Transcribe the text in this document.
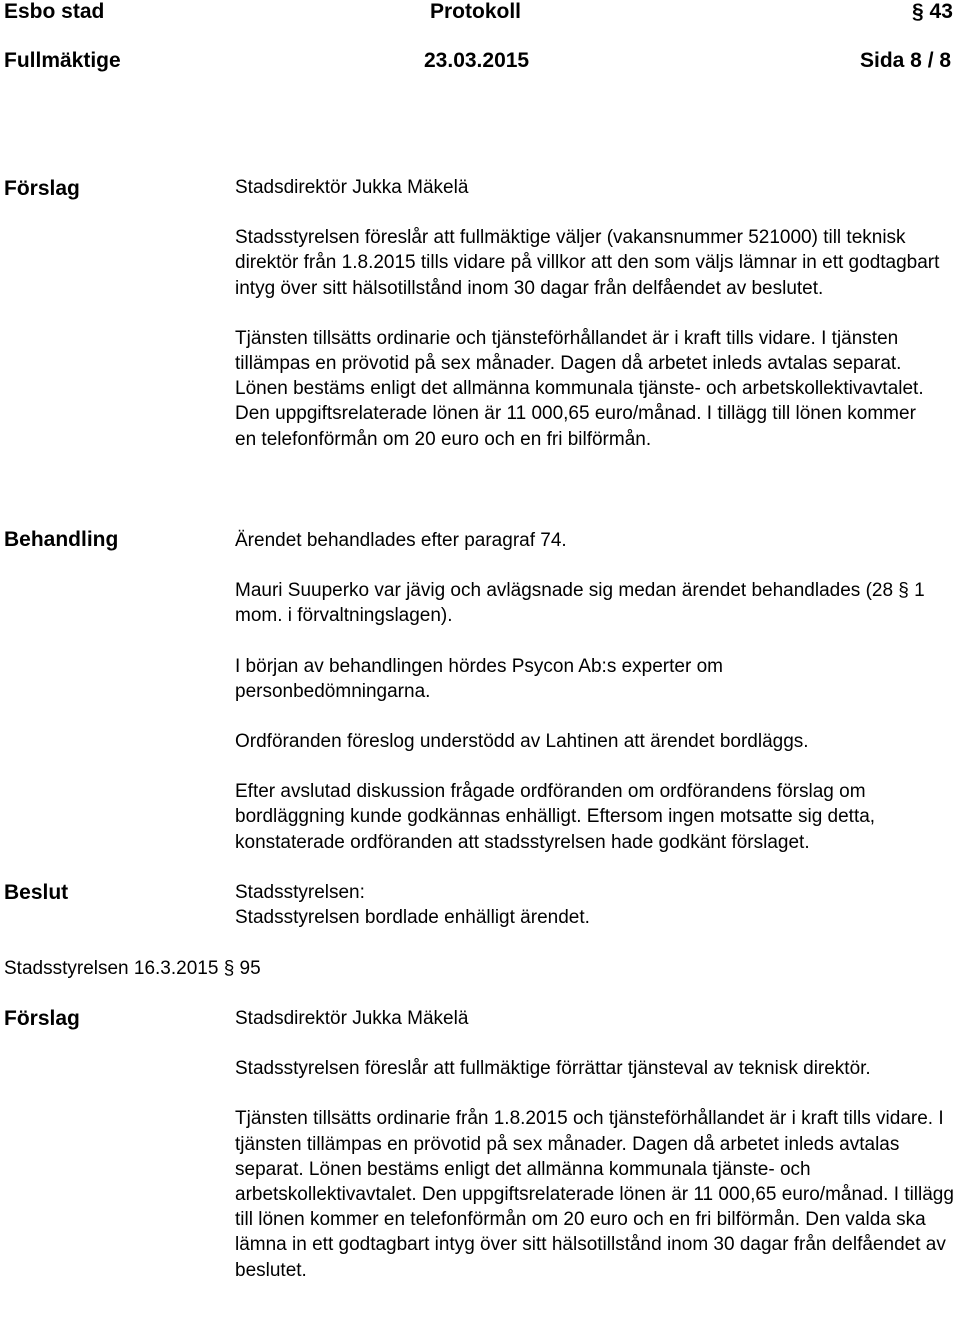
Esbo stad	Protokoll	§ 43
Fullmäktige	23.03.2015	Sida 8 / 8
Förslag	Stadsdirektör Jukka Mäkelä

Stadsstyrelsen föreslår att fullmäktige väljer (vakansnummer 521000) till teknisk direktör från 1.8.2015 tills vidare på villkor att den som väljs lämnar in ett godtagbart intyg över sitt hälsotillstånd inom 30 dagar från delfåendet av beslutet.

Tjänsten tillsätts ordinarie och tjänsteförhållandet är i kraft tills vidare. I tjänsten tillämpas en prövotid på sex månader. Dagen då arbetet inleds avtalas separat. Lönen bestäms enligt det allmänna kommunala tjänste- och arbetskollektivavtalet. Den uppgiftsrelaterade lönen är 11 000,65 euro/månad. I tillägg till lönen kommer en telefonförmån om 20 euro och en fri bilförmån.

Behandling	Ärendet behandlades efter paragraf 74.

Mauri Suuperko var jävig och avlägsnade sig medan ärendet behandlades (28 § 1 mom. i förvaltningslagen).

I början av behandlingen hördes Psycon Ab:s experter om personbedömningarna.

Ordföranden föreslog understödd av Lahtinen att ärendet bordläggs.

Efter avslutad diskussion frågade ordföranden om ordförandens förslag om bordläggning kunde godkännas enhälligt. Eftersom ingen motsatte sig detta, konstaterade ordföranden att stadsstyrelsen hade godkänt förslaget.

Beslut	Stadsstyrelsen:

Stadsstyrelsen bordlade enhälligt ärendet.

Stadsstyrelsen 16.3.2015 § 95
Förslag	Stadsdirektör Jukka Mäkelä

Stadsstyrelsen föreslår att fullmäktige förrättar tjänsteval av teknisk direktör.

Tjänsten tillsätts ordinarie från 1.8.2015 och tjänsteförhållandet är i kraft tills vidare. I tjänsten tillämpas en prövotid på sex månader. Dagen då arbetet inleds avtalas separat. Lönen bestäms enligt det allmänna kommunala tjänste- och arbetskollektivavtalet. Den uppgiftsrelaterade lönen är 11 000,65 euro/månad. I tillägg till lönen kommer en telefonförmån om 20 euro och en fri bilförmån. Den valda ska lämna in ett godtagbart intyg över sitt hälsotillstånd inom 30 dagar från delfåendet av beslutet.
